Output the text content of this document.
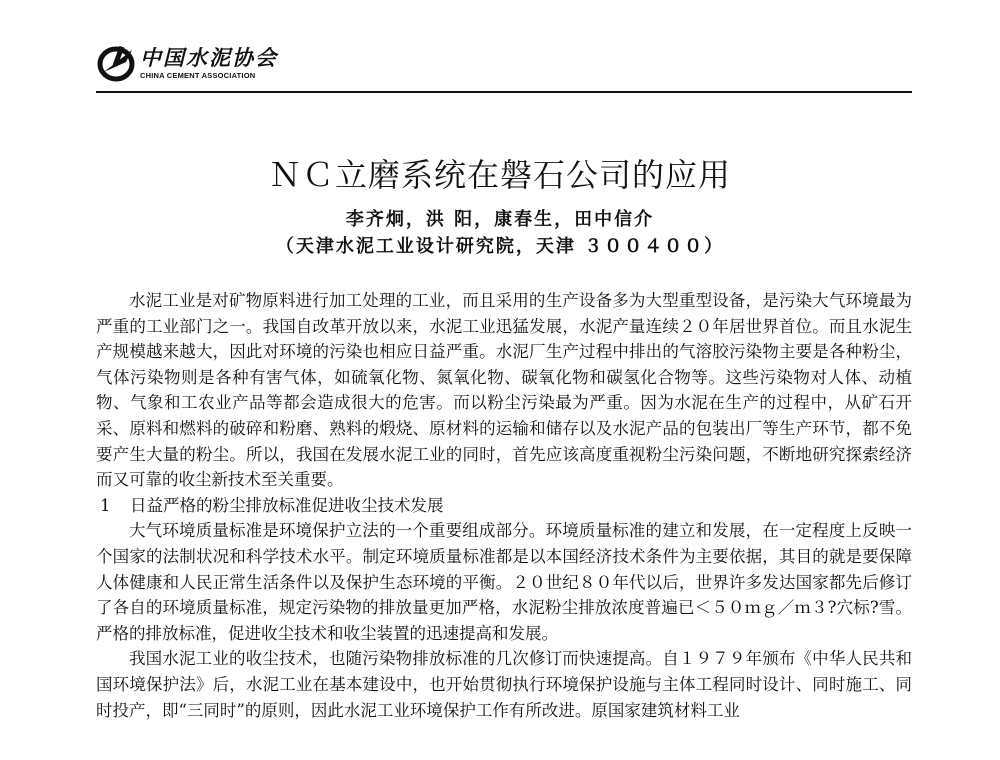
中国水泥协会
CHINA CEMENT ASSOCIATION
ＮＣ立磨系统在磐石公司的应用
李齐炯，洪 阳，康春生，田中信介
（天津水泥工业设计研究院，天津 ３００４００）

水泥工业是对矿物原料进行加工处理的工业，而且采用的生产设备多为大型重型设备，是污染大气环境最为严重的工业部门之一。我国自改革开放以来，水泥工业迅猛发展，水泥产量连续２０年居世界首位。而且水泥生产规模越来越大，因此对环境的污染也相应日益严重。水泥厂生产过程中排出的气溶胶污染物主要是各种粉尘，气体污染物则是各种有害气体，如硫氧化物、氮氧化物、碳氧化物和碳氢化合物等。这些污染物对人体、动植物、气象和工农业产品等都会造成很大的危害。而以粉尘污染最为严重。因为水泥在生产的过程中，从矿石开采、原料和燃料的破碎和粉磨、熟料的煅烧、原材料的运输和储存以及水泥产品的包装出厂等生产环节，都不免要产生大量的粉尘。所以，我国在发展水泥工业的同时，首先应该高度重视粉尘污染问题，不断地研究探索经济而又可靠的收尘新技术至关重要。

1 日益严格的粉尘排放标准促进收尘技术发展

大气环境质量标准是环境保护立法的一个重要组成部分。环境质量标准的建立和发展，在一定程度上反映一个国家的法制状况和科学技术水平。制定环境质量标准都是以本国经济技术条件为主要依据，其目的就是要保障人体健康和人民正常生活条件以及保护生态环境的平衡。２０世纪８０年代以后，世界许多发达国家都先后修订了各自的环境质量标准，规定污染物的排放量更加严格，水泥粉尘排放浓度普遍已＜５０ｍｇ／ｍ３?穴标?雪。严格的排放标准，促进收尘技术和收尘装置的迅速提高和发展。

我国水泥工业的收尘技术，也随污染物排放标准的几次修订而快速提高。自１９７９年颁布《中华人民共和国环境保护法》后，水泥工业在基本建设中，也开始贯彻执行环境保护设施与主体工程同时设计、同时施工、同时投产，即“三同时”的原则，因此水泥工业环境保护工作有所改进。原国家建筑材料工业
